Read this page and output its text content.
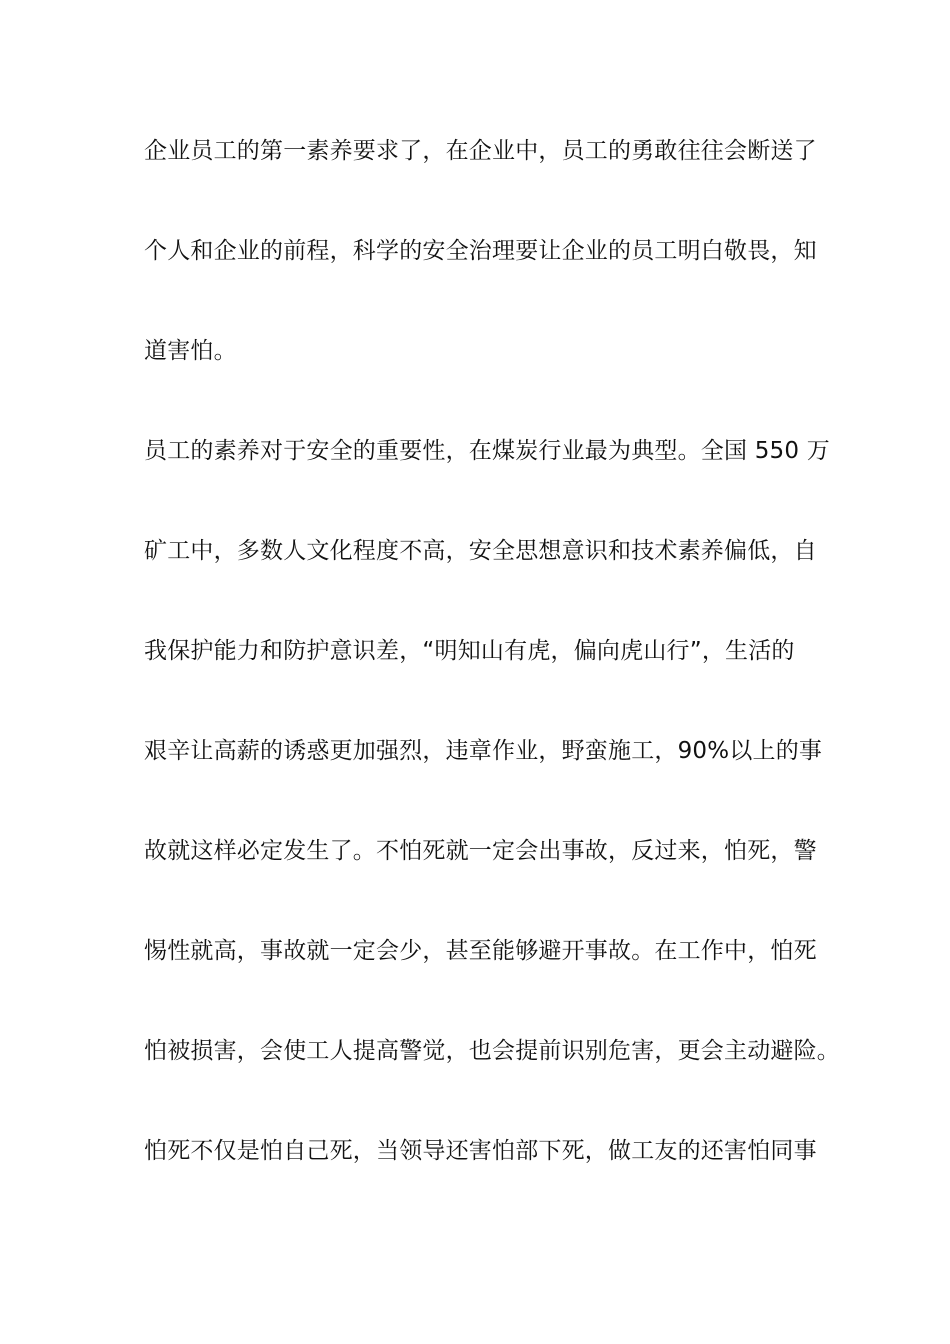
企业员工的第一素养要求了，在企业中，员工的勇敢往往会断送了
个人和企业的前程，科学的安全治理要让企业的员工明白敬畏，知
道害怕。
员工的素养对于安全的重要性，在煤炭行业最为典型。全国 550 万
矿工中，多数人文化程度不高，安全思想意识和技术素养偏低，自
我保护能力和防护意识差，“明知山有虎，偏向虎山行”，生活的
艰辛让高薪的诱惑更加强烈，违章作业，野蛮施工，90%以上的事
故就这样必定发生了。不怕死就一定会出事故，反过来，怕死，警
惕性就高，事故就一定会少，甚至能够避开事故。在工作中，怕死
怕被损害，会使工人提高警觉，也会提前识别危害，更会主动避险。
怕死不仅是怕自己死，当领导还害怕部下死，做工友的还害怕同事
